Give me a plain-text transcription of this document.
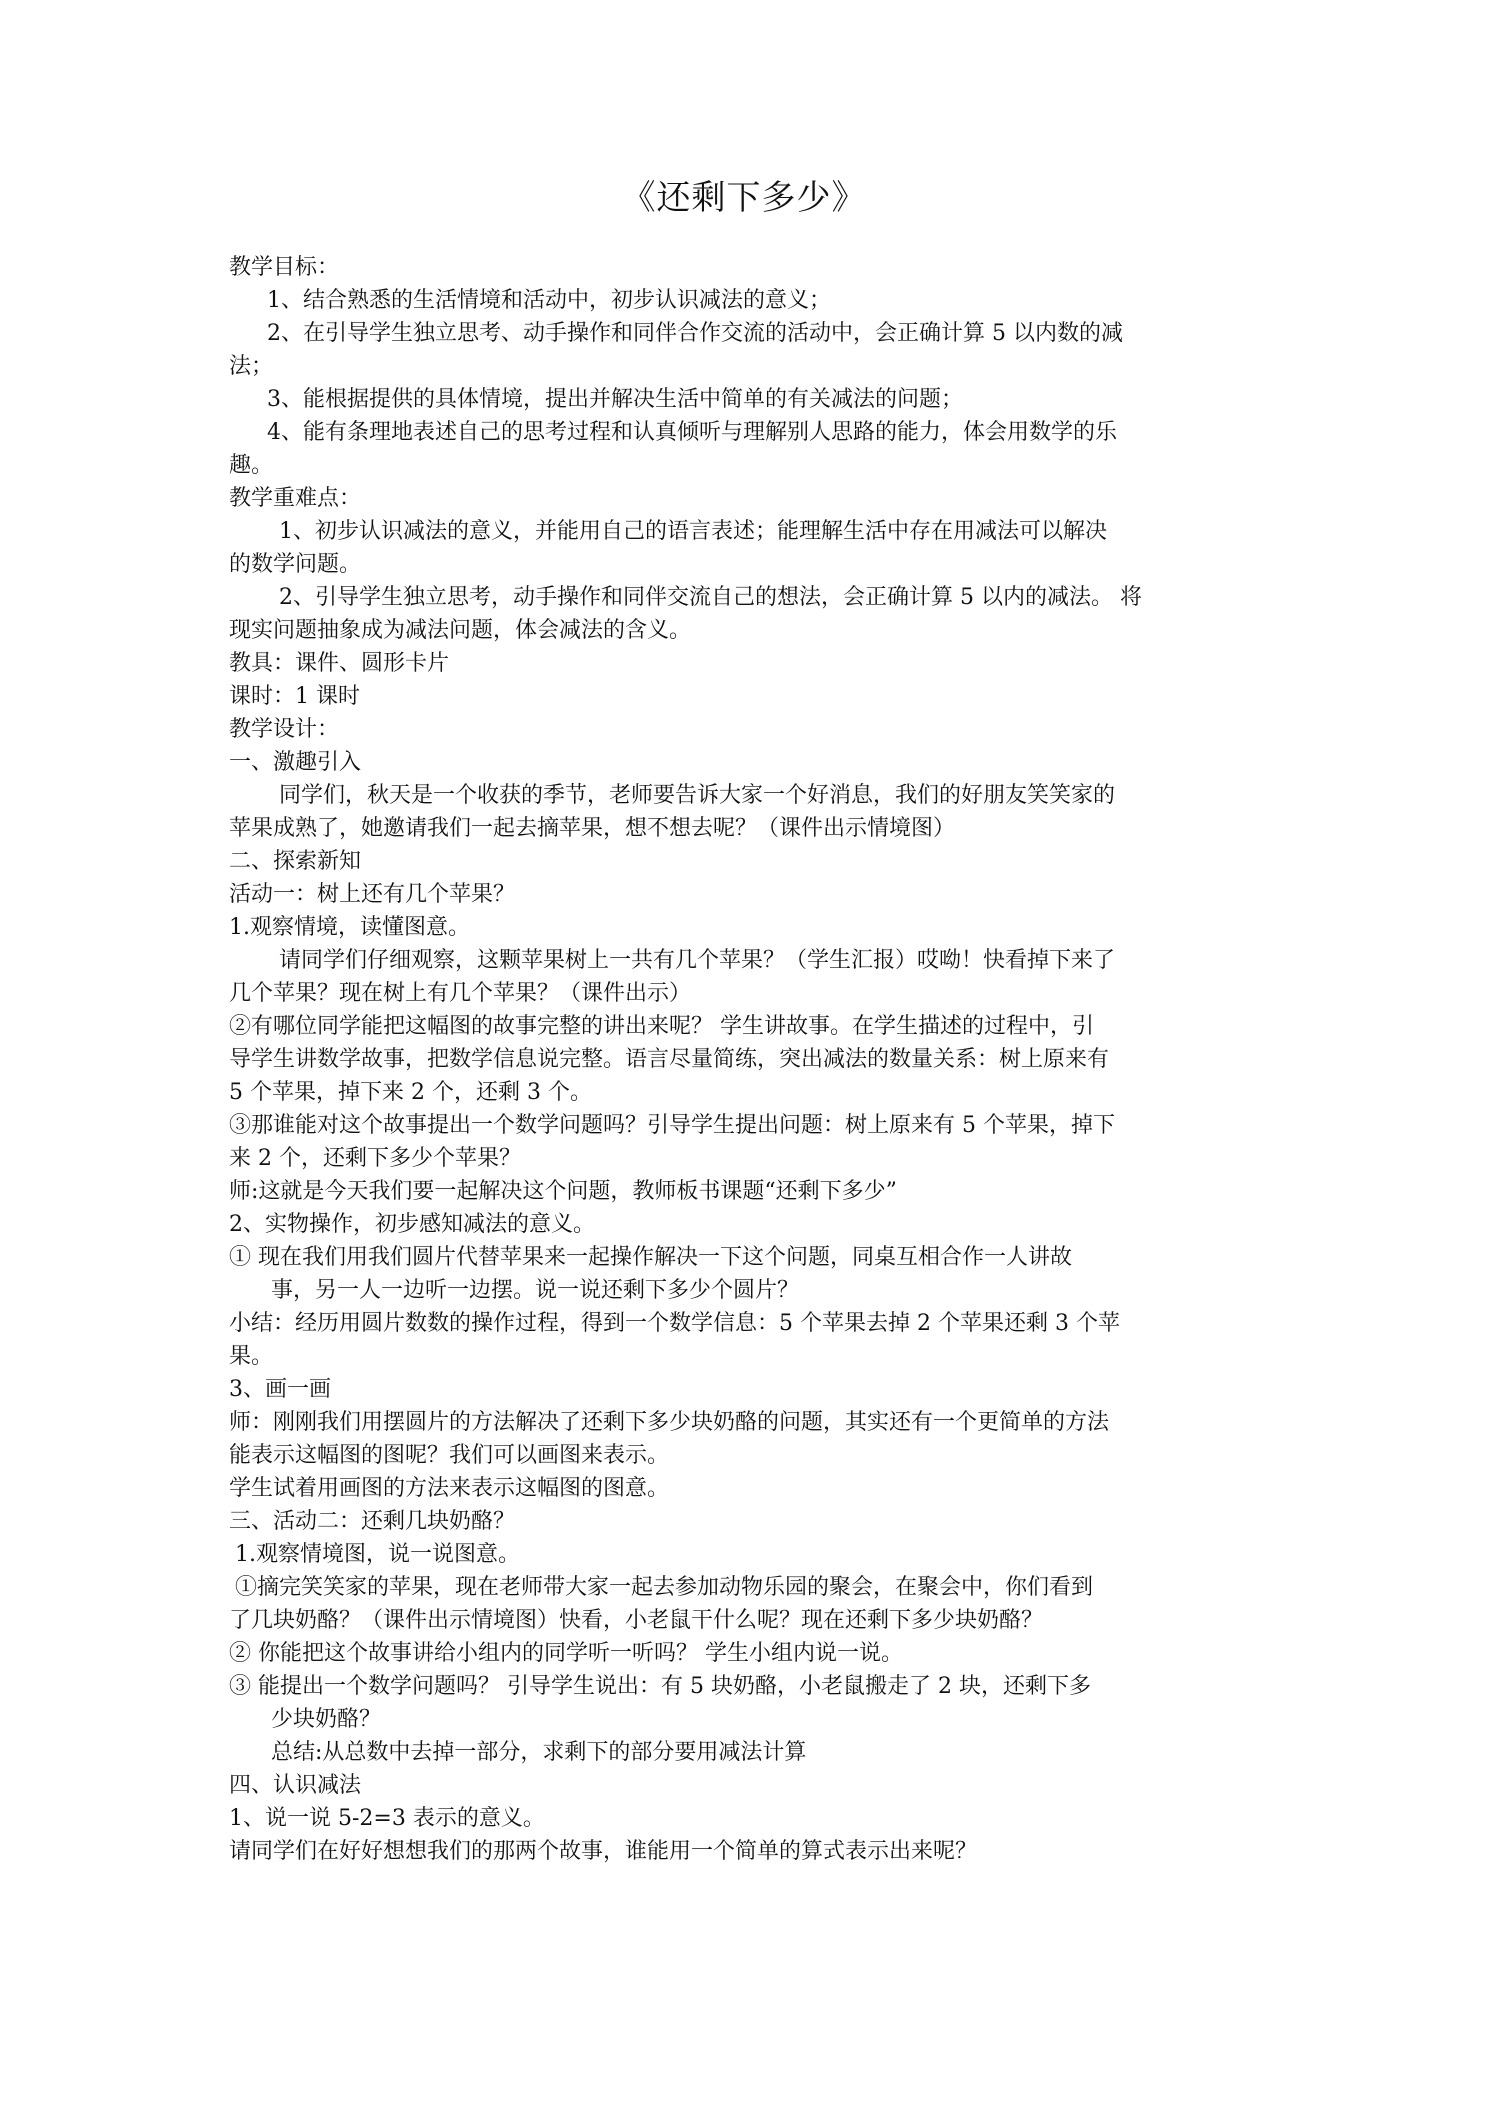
《还剩下多少》
教学目标：
1、结合熟悉的生活情境和活动中，初步认识减法的意义；
2、在引导学生独立思考、动手操作和同伴合作交流的活动中，会正确计算 5 以内数的减
法；
3、能根据提供的具体情境，提出并解决生活中简单的有关减法的问题；
4、能有条理地表述自己的思考过程和认真倾听与理解别人思路的能力，体会用数学的乐
趣。
教学重难点：
1、初步认识减法的意义，并能用自己的语言表述；能理解生活中存在用减法可以解决
的数学问题。
2、引导学生独立思考，动手操作和同伴交流自己的想法，会正确计算 5 以内的减法。 将
现实问题抽象成为减法问题，体会减法的含义。
教具：课件、圆形卡片
课时：1 课时
教学设计：
一、激趣引入
同学们，秋天是一个收获的季节，老师要告诉大家一个好消息，我们的好朋友笑笑家的
苹果成熟了，她邀请我们一起去摘苹果，想不想去呢？（课件出示情境图）
二、探索新知
活动一：树上还有几个苹果？
1.观察情境，读懂图意。
请同学们仔细观察，这颗苹果树上一共有几个苹果？（学生汇报）哎呦！快看掉下来了
几个苹果？现在树上有几个苹果？（课件出示）
②有哪位同学能把这幅图的故事完整的讲出来呢？ 学生讲故事。在学生描述的过程中，引
导学生讲数学故事，把数学信息说完整。语言尽量简练，突出减法的数量关系：树上原来有
5 个苹果，掉下来 2 个，还剩 3 个。
③那谁能对这个故事提出一个数学问题吗？引导学生提出问题：树上原来有 5 个苹果，掉下
来 2 个，还剩下多少个苹果？
师:这就是今天我们要一起解决这个问题，教师板书课题“还剩下多少”
2、实物操作，初步感知减法的意义。
① 现在我们用我们圆片代替苹果来一起操作解决一下这个问题，同桌互相合作一人讲故
事，另一人一边听一边摆。说一说还剩下多少个圆片？
小结：经历用圆片数数的操作过程，得到一个数学信息：5 个苹果去掉 2 个苹果还剩 3 个苹
果。
3、画一画
师：刚刚我们用摆圆片的方法解决了还剩下多少块奶酪的问题，其实还有一个更简单的方法
能表示这幅图的图呢？我们可以画图来表示。
学生试着用画图的方法来表示这幅图的图意。
三、活动二：还剩几块奶酪？
1.观察情境图，说一说图意。
①摘完笑笑家的苹果，现在老师带大家一起去参加动物乐园的聚会，在聚会中，你们看到
了几块奶酪？（课件出示情境图）快看，小老鼠干什么呢？现在还剩下多少块奶酪？
② 你能把这个故事讲给小组内的同学听一听吗？ 学生小组内说一说。
③ 能提出一个数学问题吗？ 引导学生说出：有 5 块奶酪，小老鼠搬走了 2 块，还剩下多
少块奶酪？
总结:从总数中去掉一部分，求剩下的部分要用减法计算
四、认识减法
1、说一说 5-2=3 表示的意义。
请同学们在好好想想我们的那两个故事，谁能用一个简单的算式表示出来呢？
